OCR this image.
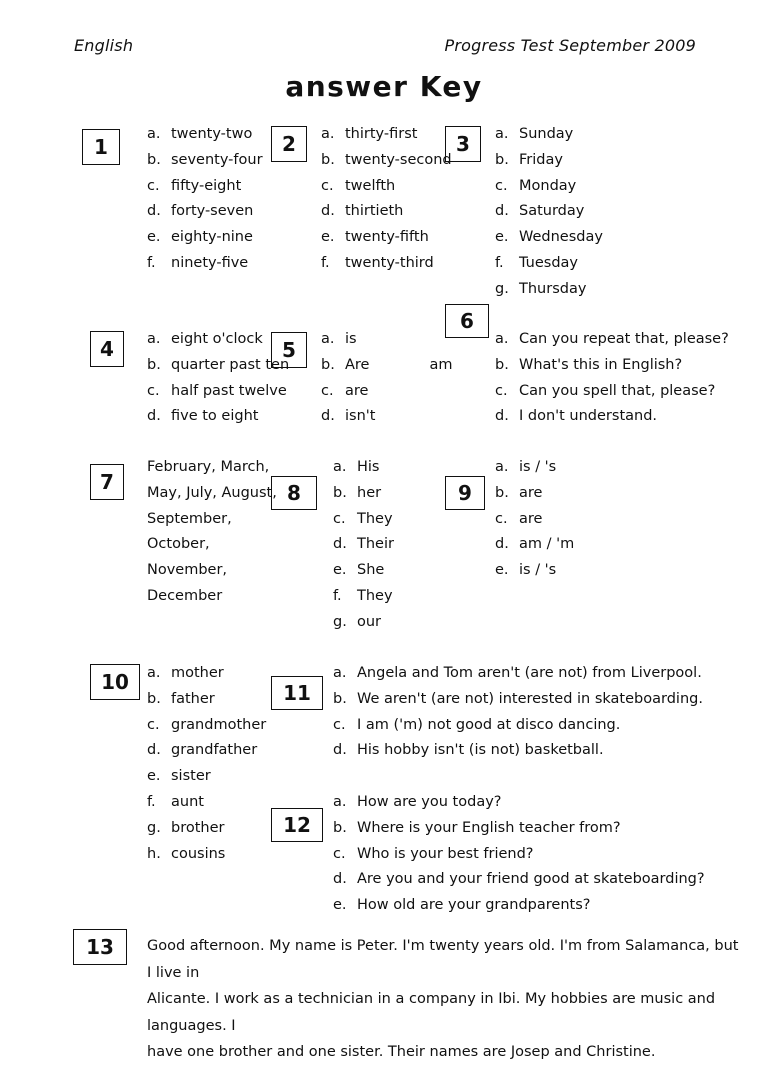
English	Progress Test September 2009
answer Key
1	2	3
4	5
6
7	8	9
10	11
12
13
a. twenty-two
b. seventy-four
c. fifty-eight
d. forty-seven
e. eighty-nine
f. ninety-five
a. thirty-first
b. twenty-second
c. twelfth
d. thirtieth
e. twenty-fifth
f. twenty-third
a. Sunday
b. Friday
c. Monday
d. Saturday
e. Wednesday
f. Tuesday
g. Thursday
a. eight o'clock
b. quarter past ten
c. half past twelve
d. five to eight
a. is
b. Are	am
c. are
d. isn't
a. Can you repeat that, please?
b. What's this in English?
c. Can you spell that, please?
d. I don't understand.
February, March,
May, July, August,
September,
October,
November,
December
a. His
b. her
c. They
d. Their
e. She
f. They
g. our
a. is / 's
b. are
c. are
d. am / 'm
e. is / 's
a. mother
b. father
c. grandmother
d. grandfather
e. sister
f. aunt
g. brother
h. cousins
a. Angela and Tom aren't (are not) from Liverpool.
b. We aren't (are not) interested in skateboarding.
c. I am ('m) not good at disco dancing.
d. His hobby isn't (is not) basketball.
a. How are you today?
b. Where is your English teacher from?
c. Who is your best friend?
d. Are you and your friend good at skateboarding?
e. How old are your grandparents?
Good afternoon. My name is Peter. I'm twenty years old. I'm from Salamanca, but I live in
Alicante. I work as a technician in a company in Ibi. My hobbies are music and languages. I
have one brother and one sister. Their names are Josep and Christine.
